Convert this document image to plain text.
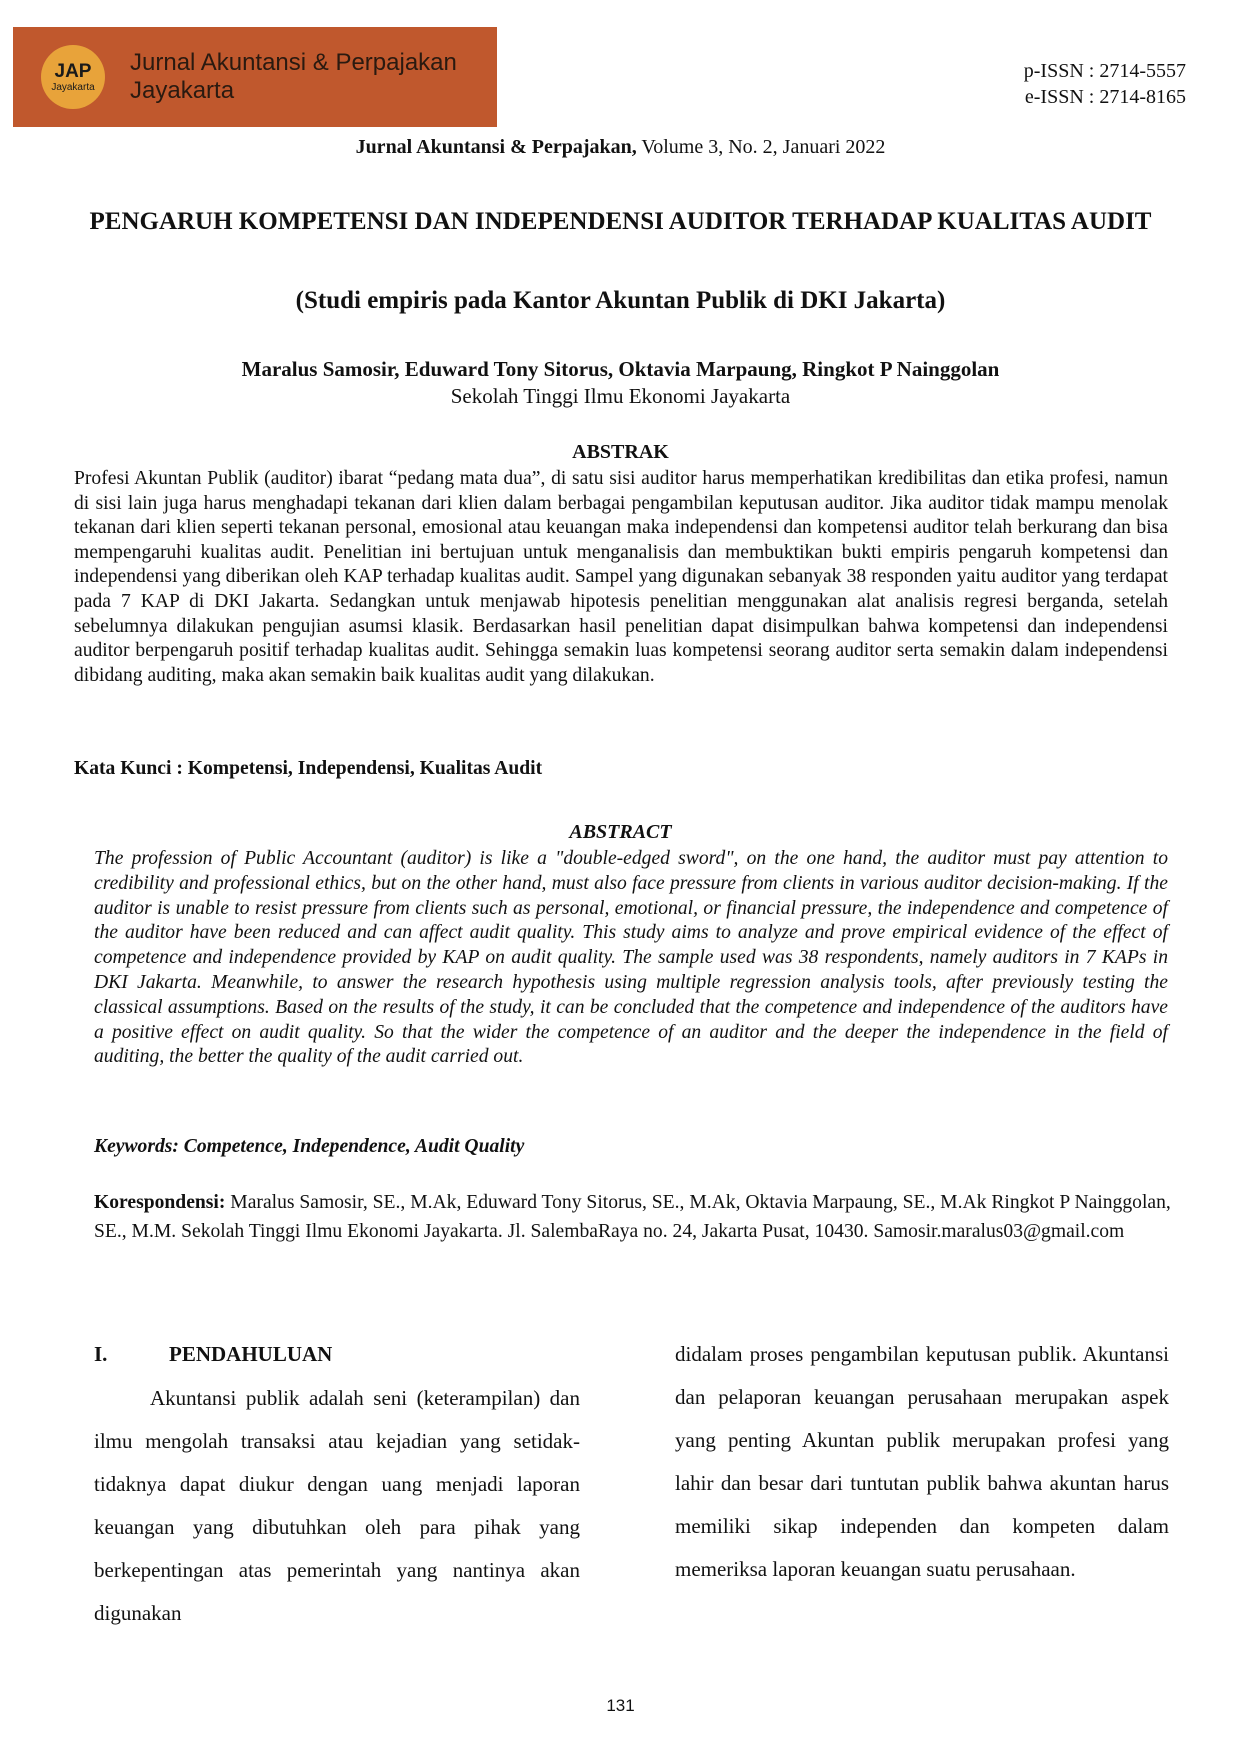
JAP
Jayakarta
Jurnal Akuntansi & Perpajakan
Jayakarta
p-ISSN : 2714-5557
e-ISSN : 2714-8165
Jurnal Akuntansi & Perpajakan, Volume 3, No. 2, Januari 2022
PENGARUH KOMPETENSI DAN INDEPENDENSI AUDITOR TERHADAP KUALITAS AUDIT
(Studi empiris pada Kantor Akuntan Publik di DKI Jakarta)
Maralus Samosir, Eduward Tony Sitorus, Oktavia Marpaung, Ringkot P Nainggolan
Sekolah Tinggi Ilmu Ekonomi Jayakarta
ABSTRAK
Profesi Akuntan Publik (auditor) ibarat “pedang mata dua”, di satu sisi auditor harus memperhatikan kredibilitas dan etika profesi, namun di sisi lain juga harus menghadapi tekanan dari klien dalam berbagai pengambilan keputusan auditor. Jika auditor tidak mampu menolak tekanan dari klien seperti tekanan personal, emosional atau keuangan maka independensi dan kompetensi auditor telah berkurang dan bisa mempengaruhi kualitas audit. Penelitian ini bertujuan untuk menganalisis dan membuktikan bukti empiris pengaruh kompetensi dan independensi yang diberikan oleh KAP terhadap kualitas audit. Sampel yang digunakan sebanyak 38 responden yaitu auditor yang terdapat pada 7 KAP di DKI Jakarta. Sedangkan untuk menjawab hipotesis penelitian menggunakan alat analisis regresi berganda, setelah sebelumnya dilakukan pengujian asumsi klasik. Berdasarkan hasil penelitian dapat disimpulkan bahwa kompetensi dan independensi auditor berpengaruh positif terhadap kualitas audit. Sehingga semakin luas kompetensi seorang auditor serta semakin dalam independensi dibidang auditing, maka akan semakin baik kualitas audit yang dilakukan.
Kata Kunci : Kompetensi, Independensi, Kualitas Audit
ABSTRACT
The profession of Public Accountant (auditor) is like a "double-edged sword", on the one hand, the auditor must pay attention to credibility and professional ethics, but on the other hand, must also face pressure from clients in various auditor decision-making. If the auditor is unable to resist pressure from clients such as personal, emotional, or financial pressure, the independence and competence of the auditor have been reduced and can affect audit quality. This study aims to analyze and prove empirical evidence of the effect of competence and independence provided by KAP on audit quality. The sample used was 38 respondents, namely auditors in 7 KAPs in DKI Jakarta. Meanwhile, to answer the research hypothesis using multiple regression analysis tools, after previously testing the classical assumptions. Based on the results of the study, it can be concluded that the competence and independence of the auditors have a positive effect on audit quality. So that the wider the competence of an auditor and the deeper the independence in the field of auditing, the better the quality of the audit carried out.
Keywords: Competence, Independence, Audit Quality
Korespondensi: Maralus Samosir, SE., M.Ak, Eduward Tony Sitorus, SE., M.Ak, Oktavia Marpaung, SE., M.Ak Ringkot P Nainggolan, SE., M.M. Sekolah Tinggi Ilmu Ekonomi Jayakarta. Jl. SalembaRaya no. 24, Jakarta Pusat, 10430. Samosir.maralus03@gmail.com
I.	PENDAHULUAN

Akuntansi publik adalah seni (keterampilan) dan ilmu mengolah transaksi atau kejadian yang setidak-tidaknya dapat diukur dengan uang menjadi laporan keuangan yang dibutuhkan oleh para pihak yang berkepentingan atas pemerintah yang nantinya akan digunakan

didalam proses pengambilan keputusan publik. Akuntansi dan pelaporan keuangan perusahaan merupakan aspek yang penting Akuntan publik merupakan profesi yang lahir dan besar dari tuntutan publik bahwa akuntan harus memiliki sikap independen dan kompeten dalam memeriksa laporan keuangan suatu perusahaan.

131
